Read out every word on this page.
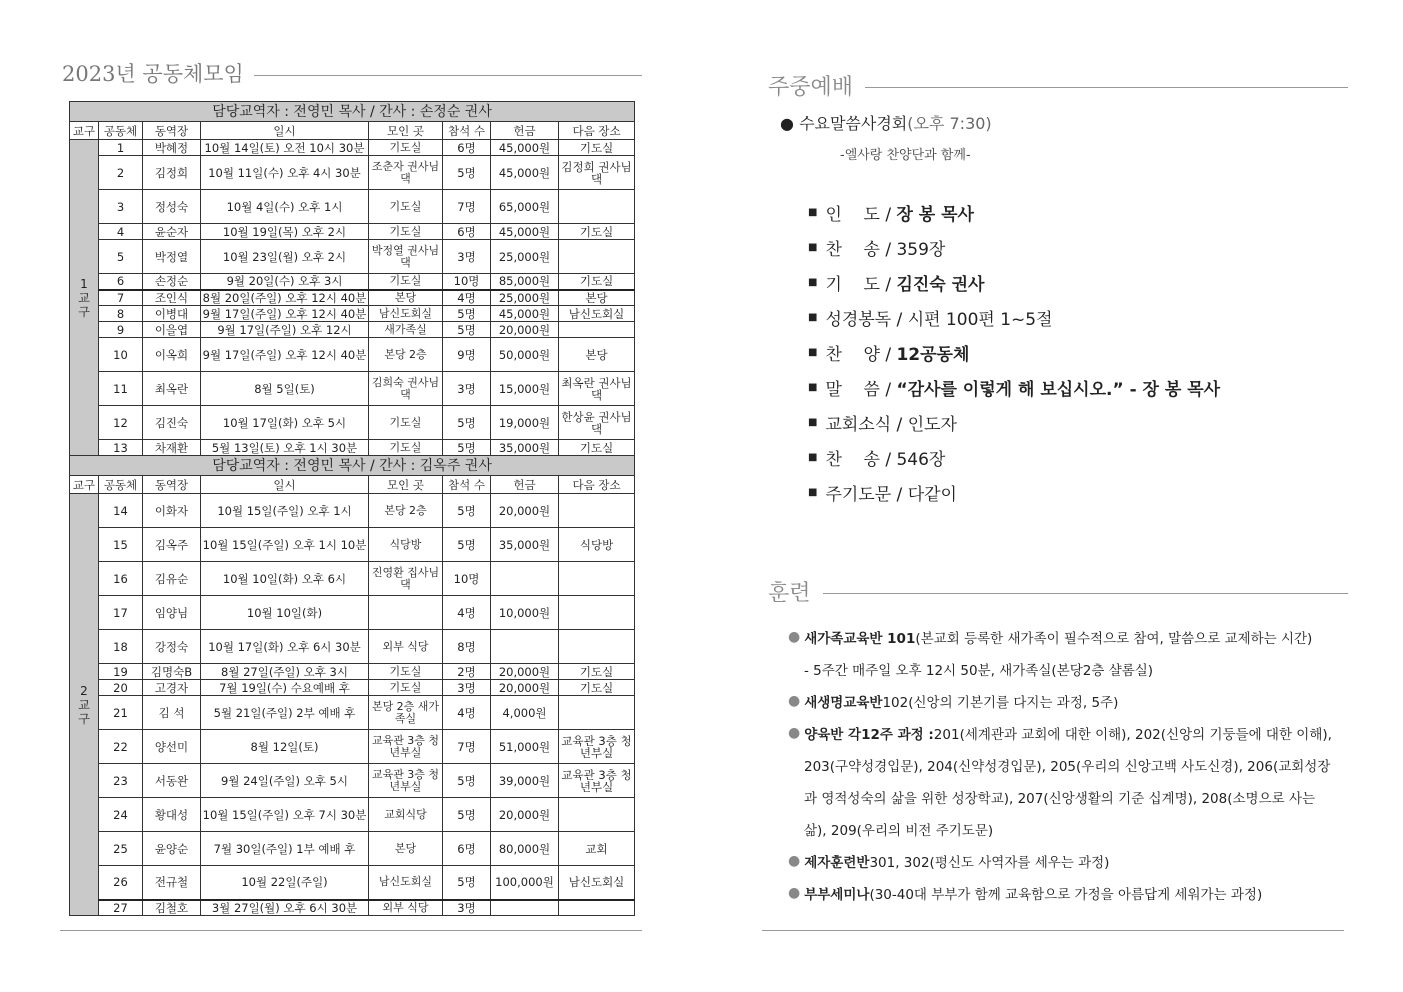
2023년 공동체모임
담당교역자 : 전영민 목사 / 간사 : 손정순 권사							
교구	공동체	동역장	일시	모인 곳	참석 수	헌금	다음 장소
1 교 구	1	박혜정	10월 14일(토) 오전 10시 30분	기도실	6명	45,000원	기도실
	2	김정희	10월 11일(수) 오후 4시 30분	조춘자 권사님 댁	5명	45,000원	김정희 권사님 댁
	3	정성숙	10월 4일(수) 오후 1시	기도실	7명	65,000원	
	4	윤순자	10월 19일(목) 오후 2시	기도실	6명	45,000원	기도실
	5	박정열	10월 23일(월) 오후 2시	박정열 권사님 댁	3명	25,000원	
	6	손정순	9월 20일(수) 오후 3시	기도실	10명	85,000원	기도실
	7	조인식	8월 20일(주일) 오후 12시 40분	본당	4명	25,000원	본당
	8	이병대	9월 17일(주일) 오후 12시 40분	남신도회실	5명	45,000원	남신도회실
	9	이을엽	9월 17일(주일) 오후 12시	새가족실	5명	20,000원	
	10	이옥희	9월 17일(주일) 오후 12시 40분	본당 2층	9명	50,000원	본당
	11	최옥란	8월 5일(토)	김희숙 권사님 댁	3명	15,000원	최옥란 권사님 댁
	12	김진숙	10월 17일(화) 오후 5시	기도실	5명	19,000원	한상윤 권사님 댁
	13	차재환	5월 13일(토) 오후 1시 30분	기도실	5명	35,000원	기도실
담당교역자 : 전영민 목사 / 간사 : 김옥주 권사							
교구	공동체	동역장	일시	모인 곳	참석 수	헌금	다음 장소
2 교 구	14	이화자	10월 15일(주일) 오후 1시	본당 2층	5명	20,000원	
	15	김옥주	10월 15일(주일) 오후 1시 10분	식당방	5명	35,000원	식당방
	16	김유순	10월 10일(화) 오후 6시	진영환 집사님 댁	10명		
	17	임양님	10월 10일(화)		4명	10,000원	
	18	강정숙	10월 17일(화) 오후 6시 30분	외부 식당	8명		
	19	김명숙B	8월 27일(주일) 오후 3시	기도실	2명	20,000원	기도실
	20	고경자	7월 19일(수) 수요예배 후	기도실	3명	20,000원	기도실
	21	김 석	5월 21일(주일) 2부 예배 후	본당 2층 새가족실	4명	4,000원	
	22	양선미	8월 12일(토)	교육관 3층 청년부실	7명	51,000원	교육관 3층 청년부실
	23	서동완	9월 24일(주일) 오후 5시	교육관 3층 청년부실	5명	39,000원	교육관 3층 청년부실
	24	황대성	10월 15일(주일) 오후 7시 30분	교회식당	5명	20,000원	
	25	윤양순	7월 30일(주일) 1부 예배 후	본당	6명	80,000원	교회
	26	전규철	10월 22일(주일)	남신도회실	5명	100,000원	남신도회실
	27	김철호	3월 27일(월) 오후 6시 30분	외부 식당	3명		
주중예배
● 수요말씀사경회(오후 7:30)
-엘사랑 찬양단과 함께-
■ 인    도 / 장 봉 목사
■ 찬    송 / 359장
■ 기    도 / 김진숙 권사
■ 성경봉독 / 시편 100편 1~5절
■ 찬    양 / 12공동체
■ 말    씀 / “감사를 이렇게 해 보십시오.” - 장 봉 목사
■ 교회소식 / 인도자
■ 찬    송 / 546장
■ 주기도문 / 다같이
훈련
● 새가족교육반 101 (본교회 등록한 새가족이 필수적으로 참여, 말씀으로 교제하는 시간)
- 5주간 매주일 오후 12시 50분, 새가족실(본당2층 샬롬실)
● 새생명교육반 102(신앙의 기본기를 다지는 과정, 5주)
● 양육반 각12주 과정 : 201(세계관과 교회에 대한 이해), 202(신앙의 기둥들에 대한 이해),
203(구약성경입문), 204(신약성경입문), 205(우리의 신앙고백 사도신경), 206(교회성장
과 영적성숙의 삶을 위한 성장학교), 207(신앙생활의 기준 십계명), 208(소명으로 사는
삶), 209(우리의 비전 주기도문)
● 제자훈련반 301, 302(평신도 사역자를 세우는 과정)
● 부부세미나 (30-40대 부부가 함께 교육함으로 가정을 아름답게 세워가는 과정)
